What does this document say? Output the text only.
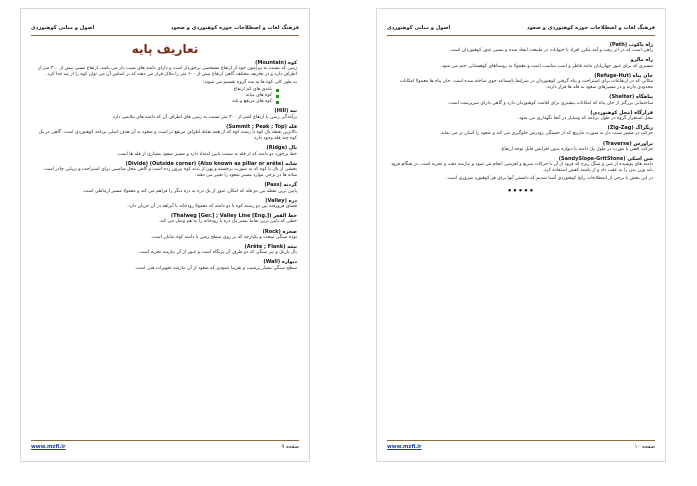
فرهنگ لغات و اصطلاحات حوزه کوهنوردی و صعود
اصول و مبانی کوهنوردی
تعاریف پایه
کوه (Mountain)
زمین که نسبت به پیرامون خود از ارتفاع مشخصی برخوردار است و دارای دامنه های شیب دار می باشد. ارتفاع نسبی بیش از ۳۰۰ متر از اطراف دارد و در تعاریف مختلف گاهی ارتفاع بیش از ۶۰۰ متر را ملاک قرار می دهند که بر اساس آن می توان کوه را از تپه جدا کرد.
به طور کلی کوه ها به سه گروه تقسیم می شوند:
بلندی های کم ارتفاع
کوه های میانه
کوه های مرتفع و بلند
تپه (Hill)
برآمدگی زمین با ارتفاع کمتر از ۳۰۰ متر نسبت به زمین های اطراف آن که دامنه های ملایمی دارد.
قله (Summit ; Peak ; Top)
بالاترین نقطه یک کوه یا رشته کوه که از همه نقاط اطراف مرتفع تر است و صعود به آن هدف اصلی برنامه کوهنوردی است. گاهی در یک کوه چند قله وجود دارد.
یال (Ridge)
خط برخورد دو دامنه که از قله به سمت پایین امتداد دارد و مسیر صعود بسیاری از قله ها است.
شانه (Also known as pillar or arête) (Outside corner) (Divide)
بخشی از یال یا کوه که به صورت برجسته و پهن از بدنه کوه بیرون زده است و گاهی محل مناسبی برای استراحت و برپایی چادر است. شانه ها در برخی موارد مسیر صعود را تغییر می دهند.
گردنه (Pass)
پایین ترین نقطه بین دو قله که امکان عبور از یک دره به دره دیگر را فراهم می کند و معمولا مسیر ارتباطی است.
دره (Valley)
فضای فرورفته بین دو رشته کوه یا دو دامنه که معمولا رودخانه یا آبراهه در آن جریان دارد.
خط القعر (Thalweg [Ger.] ; Valley Line [Eng.])
خطی که پایین ترین نقاط بستر یک دره یا رودخانه را به هم وصل می کند.
صخره (Rock)
توده سنگی سخت و یکپارچه که بر روی سطح زمین یا دامنه کوه نمایان است.
تیغه (Arête ; Flank)
یال باریک و تیز سنگی که دو طرف آن پرتگاه است و عبور از آن نیازمند تجربه است.
دیواره (Wall)
سطح سنگی بسیار پرشیب و تقریبا عمودی که صعود از آن نیازمند تجهیزات فنی است.
www.mzfi.ir	صفحه ۹
فرهنگ لغات و اصطلاحات حوزه کوهنوردی و صعود
اصول و مبانی کوهنوردی
راه یاکوب (Path)
راهی است که در اثر رفت و آمد مکرر افراد یا حیوانات در طبیعت ایجاد شده و مسیر عبور کوهنوردان است.
راه مالرو
مسیری که برای عبور چهارپایان مانند قاطر و اسب مناسب است و معمولا به روستاهای کوهستانی ختم می شود.
جان پناه (Refuge-Hut)
مکانی که در ارتفاعات برای استراحت و پناه گرفتن کوهنوردان در شرایط نامساعد جوی ساخته شده است. جان پناه ها معمولا امکانات محدودی دارند و در مسیرهای صعود به قله ها قرار دارند.
پناهگاه (Shelter)
ساختمانی بزرگتر از جان پناه که امکانات بیشتری برای اقامت کوهنوردان دارد و گاهی دارای سرپرست است.
قرارگاه (محل کوهنوردی)
محل استقرار گروه در طول برنامه که وسایل در آنجا نگهداری می شود.
زیگزاگ (Zig-Zag)
حرکت در مسیر شیب دار به صورت مارپیچ که از خستگی زودرس جلوگیری می کند و صعود را آسان تر می نماید.
تراورس (Traverse)
حرکت افقی یا مورب در طول یک دامنه یا دیواره بدون افزایش قابل توجه ارتفاع.
شن اسکی (SandySlope-GritStone)
دامنه های پوشیده از شن و سنگ ریزه که فرود از آن با حرکات سریع و لغزشی انجام می شود و نیازمند دقت و تجربه است. در هنگام فرود باید وزن بدن را به عقب داد و از پاشنه کفش استفاده کرد.
در این بخش با برخی از اصطلاحات رایج کوهنوردی آشنا شدیم که دانستن آنها برای هر کوهنورد ضروری است.
•••••
www.mzfi.ir	صفحه ۱۰
